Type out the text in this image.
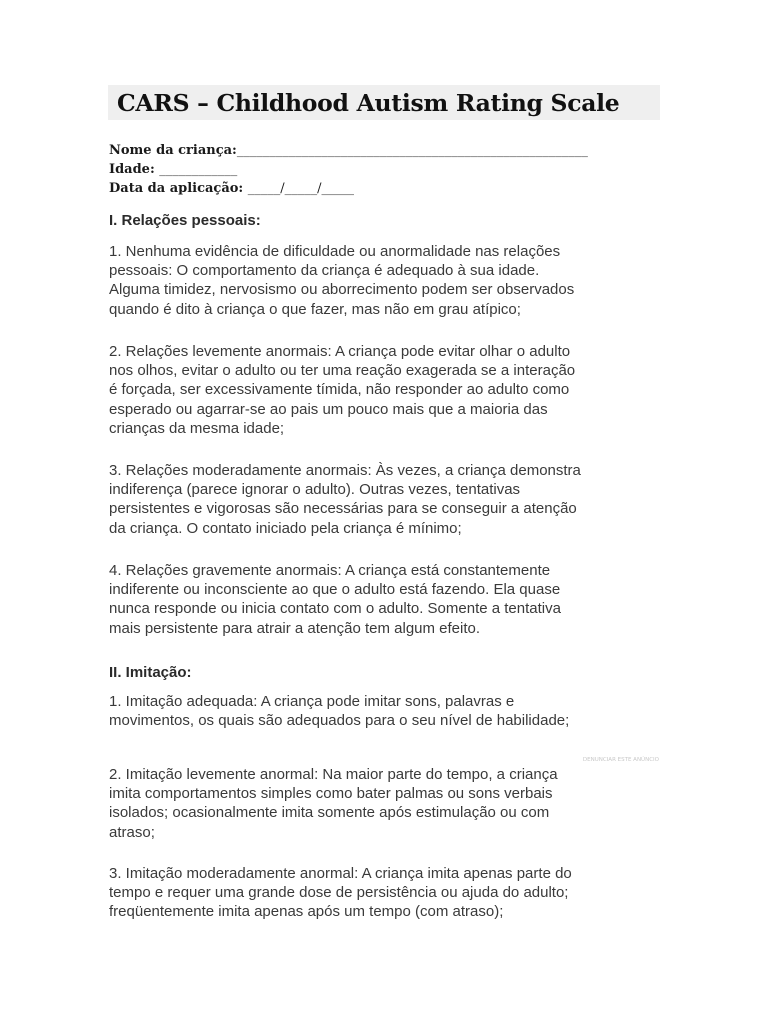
CARS – Childhood Autism Rating Scale
Nome da criança:______________________________________________________
Idade: ____________
Data da aplicação: _____/_____/_____
I. Relações pessoais:

1. Nenhuma evidência de dificuldade ou anormalidade nas relações
pessoais: O comportamento da criança é adequado à sua idade.
Alguma timidez, nervosismo ou aborrecimento podem ser observados
quando é dito à criança o que fazer, mas não em grau atípico;

2. Relações levemente anormais: A criança pode evitar olhar o adulto
nos olhos, evitar o adulto ou ter uma reação exagerada se a interação
é forçada, ser excessivamente tímida, não responder ao adulto como
esperado ou agarrar-se ao pais um pouco mais que a maioria das
crianças da mesma idade;

3. Relações moderadamente anormais: Às vezes, a criança demonstra
indiferença (parece ignorar o adulto). Outras vezes, tentativas
persistentes e vigorosas são necessárias para se conseguir a atenção
da criança. O contato iniciado pela criança é mínimo;

4. Relações gravemente anormais: A criança está constantemente
indiferente ou inconsciente ao que o adulto está fazendo. Ela quase
nunca responde ou inicia contato com o adulto. Somente a tentativa
mais persistente para atrair a atenção tem algum efeito.

II. Imitação:

1. Imitação adequada: A criança pode imitar sons, palavras e
movimentos, os quais são adequados para o seu nível de habilidade;

DENUNCIAR ESTE ANÚNCIO

2. Imitação levemente anormal: Na maior parte do tempo, a criança
imita comportamentos simples como bater palmas ou sons verbais
isolados; ocasionalmente imita somente após estimulação ou com
atraso;

3. Imitação moderadamente anormal: A criança imita apenas parte do
tempo e requer uma grande dose de persistência ou ajuda do adulto;
freqüentemente imita apenas após um tempo (com atraso);
